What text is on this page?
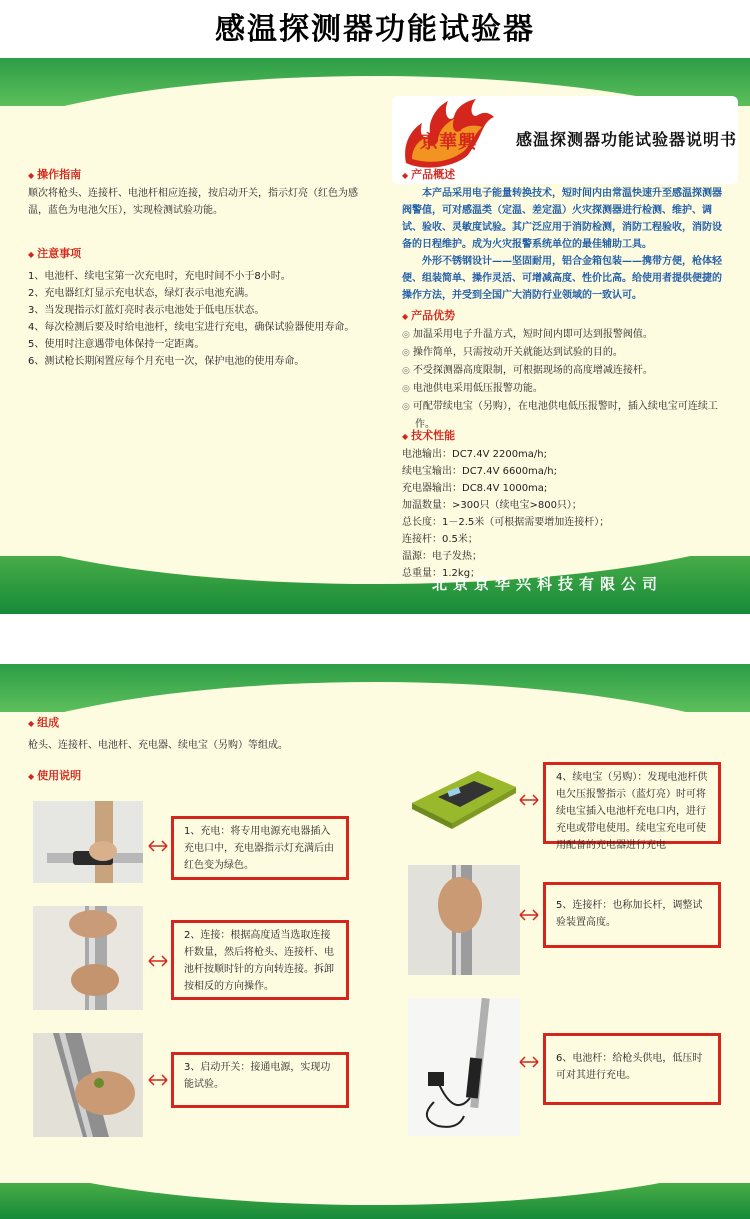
感温探测器功能试验器
京華興 感温探测器功能试验器说明书
◆ 操作指南

顺次将枪头、连接杆、电池杆相应连接，按启动开关，指示灯亮（红色为感温，蓝色为电池欠压），实现检测试验功能。

◆ 注意事项

1、电池杆、续电宝第一次充电时，充电时间不小于8小时。

2、充电器红灯显示充电状态，绿灯表示电池充满。

3、当发现指示灯蓝灯亮时表示电池处于低电压状态。

4、每次检测后要及时给电池杆，续电宝进行充电，确保试验器使用寿命。

5、使用时注意遇带电体保持一定距离。

6、测试枪长期闲置应每个月充电一次，保护电池的使用寿命。

◆ 产品概述

本产品采用电子能量转换技术，短时间内由常温快速升至感温探测器阀警值，可对感温类（定温、差定温）火灾探测器进行检测、维护、调试、验收、灵敏度试验。其广泛应用于消防检测，消防工程验收，消防设备的日程维护。成为火灾报警系统单位的最佳辅助工具。

外形不锈钢设计——坚固耐用，铝合金箱包装——携带方便，枪体轻便、组装简单、操作灵活、可增减高度、性价比高。给使用者提供便捷的操作方法，并受到全国广大消防行业领域的一致认可。

◆ 产品优势

◎ 加温采用电子升温方式，短时间内即可达到报警阀值。

◎ 操作简单，只需按动开关就能达到试验的目的。

◎ 不受探测器高度限制，可根据现场的高度增减连接杆。

◎ 电池供电采用低压报警功能。

◎ 可配带续电宝（另购），在电池供电低压报警时，插入续电宝可连续工作。

◆ 技术性能

电池输出：DC7.4V 2200ma/h;

续电宝输出：DC7.4V 6600ma/h;

充电器输出：DC8.4V 1000ma;

加温数量：>300只（续电宝>800只）；

总长度：1－2.5米（可根据需要增加连接杆）；

连接杆：0.5米；

温源：电子发热；

总重量：1.2kg；

北京京华兴科技有限公司
◆ 组成

枪头、连接杆、电池杆、充电器、续电宝（另购）等组成。

◆ 使用说明
1、充电：将专用电源充电器插入充电口中，充电器指示灯充满后由红色变为绿色。
2、连接：根据高度适当选取连接杆数量，然后将枪头、连接杆、电池杆按顺时针的方向转连接。拆卸按相反的方向操作。
3、启动开关：接通电源，实现功能试验。
4、续电宝（另购）：发现电池杆供电欠压报警指示（蓝灯亮）时可将续电宝插入电池杆充电口内，进行充电或带电使用。续电宝充电可使用配备的充电器进行充电
5、连接杆：也称加长杆，调整试验装置高度。
6、电池杆：给枪头供电，低压时可对其进行充电。
